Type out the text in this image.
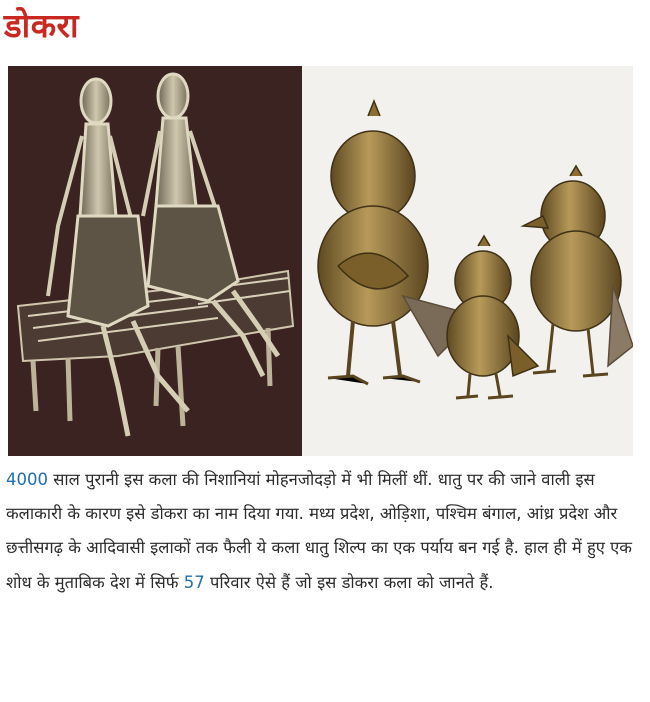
डोकरा
4000 साल पुरानी इस कला की निशानियां मोहनजोदड़ो में भी मिलीं थीं. धातु पर की जाने वाली इस कलाकारी के कारण इसे डोकरा का नाम दिया गया. मध्य प्रदेश, ओड़िशा, पश्चिम बंगाल, आंध्र प्रदेश और छत्तीसगढ़ के आदिवासी इलाकों तक फैली ये कला धातु शिल्प का एक पर्याय बन गई है. हाल ही में हुए एक शोध के मुताबिक देश में सिर्फ 57 परिवार ऐसे हैं जो इस डोकरा कला को जानते हैं.
